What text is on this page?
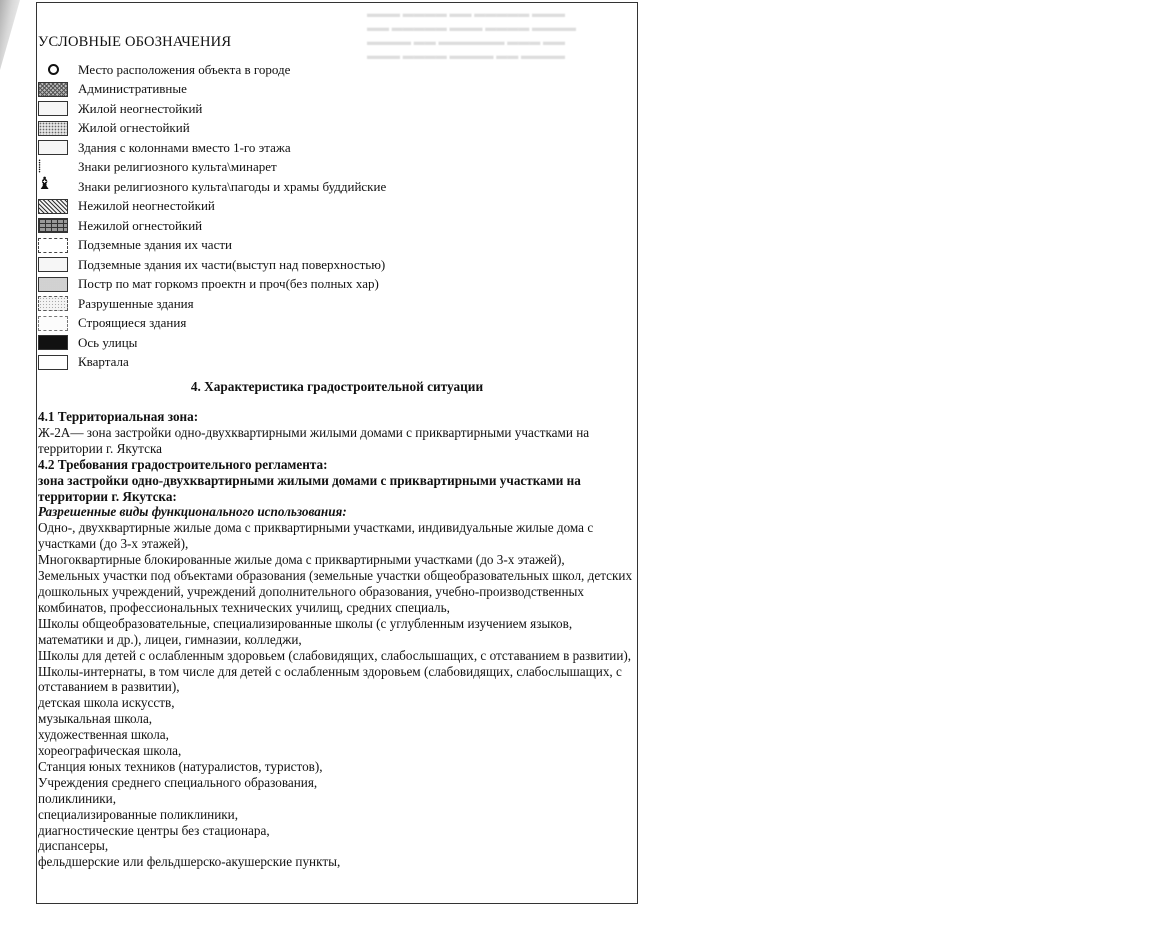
▬▬▬ ▬▬▬▬ ▬▬ ▬▬▬▬▬ ▬▬▬
▬▬ ▬▬▬▬▬ ▬▬▬ ▬▬▬▬ ▬▬▬▬
▬▬▬▬ ▬▬ ▬▬▬▬▬▬ ▬▬▬ ▬▬
▬▬▬ ▬▬▬▬ ▬▬▬▬ ▬▬ ▬▬▬▬
УСЛОВНЫЕ ОБОЗНАЧЕНИЯ
Место расположения объекта в городе
Административные
Жилой неогнестойкий
Жилой огнестойкий
Здания с колоннами вместо 1-го этажа
⸽
Знаки религиозного культа\минарет
♝
Знаки религиозного культа\пагоды и храмы буддийские
Нежилой неогнестойкий
Нежилой огнестойкий
Подземные здания их части
Подземные здания их части(выступ над поверхностью)
Постр по мат горкомз проектн и проч(без полных хар)
Разрушенные здания
Строящиеся здания
Ось улицы
Квартала
4. Характеристика градостроительной ситуации

4.1 Территориальная зона:

Ж-2А— зона застройки одно-двухквартирными жилыми домами с приквартирными участками на территории г. Якутска

4.2 Требования градостроительного регламента:

зона застройки одно-двухквартирными жилыми домами с приквартирными участками на территории г. Якутска:

Разрешенные виды функционального использования:

Одно-, двухквартирные жилые дома с приквартирными участками, индивидуальные жилые дома с участками (до 3-х этажей),

Многоквартирные блокированные жилые дома с приквартирными участками (до 3-х этажей),

Земельных участки под объектами образования (земельные участки общеобразовательных школ, детских дошкольных учреждений, учреждений дополнительного образования, учебно-производственных комбинатов, профессиональных технических училищ, средних специаль,

Школы общеобразовательные, специализированные школы (с углубленным изучением языков, математики и др.), лицеи, гимназии, колледжи,

Школы для детей с ослабленным здоровьем (слабовидящих, слабослышащих, с отставанием в развитии),

Школы-интернаты, в том числе для детей с ослабленным здоровьем (слабовидящих, слабослышащих, с отставанием в развитии),

детская школа искусств,

музыкальная школа,

художественная школа,

хореографическая школа,

Станция юных техников (натуралистов, туристов),

Учреждения среднего специального образования,

поликлиники,

специализированные поликлиники,

диагностические центры без стационара,

диспансеры,

фельдшерские или фельдшерско-акушерские пункты,
